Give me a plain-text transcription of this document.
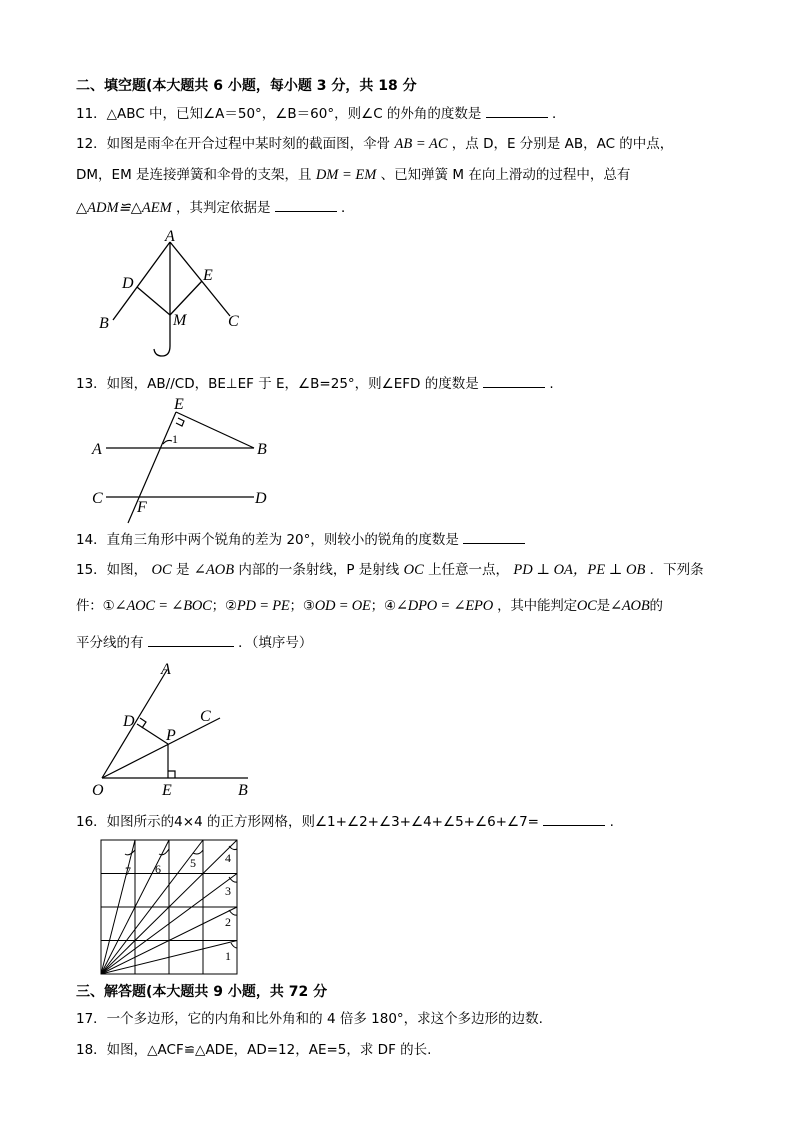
二、填空题(本大题共 6 小题，每小题 3 分，共 18 分
11．△ABC 中，已知∠A＝50°，∠B＝60°，则∠C 的外角的度数是	．
12．如图是雨伞在开合过程中某时刻的截面图，伞骨 AB = AC ，点 D，E 分别是 AB，AC 的中点，
DM，EM 是连接弹簧和伞骨的支架，且 DM = EM 、已知弹簧 M 在向上滑动的过程中，总有
△ADM≌△AEM ，其判定依据是	．
A
D	E
B	M	C
13．如图，AB//CD，BE⊥EF 于 E，∠B=25°，则∠EFD 的度数是	.
E
A	B
1
C	D
F
14．直角三角形中两个锐角的差为 20°，则较小的锐角的度数是
15．如图， OC 是 ∠AOB 内部的一条射线，P 是射线 OC 上任意一点， PD ⊥ OA，PE ⊥ OB ．下列条
件：①∠AOC = ∠BOC；②PD = PE；③OD = OE；④∠DPO = ∠EPO ，其中能判定OC是∠AOB的
平分线的有	．（填序号）
A
D	C
P
O	E	B
16．如图所示的4×4 的正方形网格，则∠1+∠2+∠3+∠4+∠5+∠6+∠7=	.
1
2
3
4
5
6
7
三、解答题(本大题共 9 小题，共 72 分
17．一个多边形，它的内角和比外角和的 4 倍多 180°，求这个多边形的边数.
18．如图，△ACF≌△ADE，AD=12，AE=5，求 DF 的长.
